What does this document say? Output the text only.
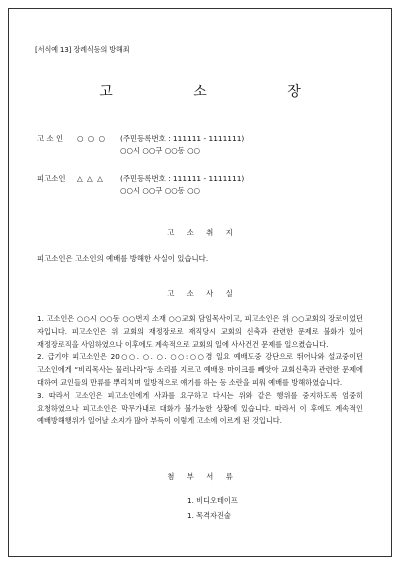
[서식예 13] 장례식등의 방해죄
고 소 장
고 소 인 ○ ○ ○ (주민등록번호 : 111111 - 1111111)
○○시 ○○구 ○○동 ○○
피고소인 △ △ △ (주민등록번호 : 111111 - 1111111)
○○시 ○○구 ○○동 ○○
고 소 취 지
피고소인은 고소인의 예배를 방해한 사실이 있습니다.
고 소 사 실

1. 고소인은 ○○시 ○○동 ○○번지 소재 ○○교회 담임목사이고, 피고소인은 위 ○○교회의 장로이었던 자입니다. 피고소인은 위 교회의 재정장로로 재직당시 교회의 신축과 관련한 문제로 불화가 있어 재정장로직을 사임하였으나 이후에도 계속적으로 교회의 일에 사사건건 문제를 일으켰습니다.

2. 급기야 피고소인은 20○○. ○. ○. ○○:○○경 일요 예배도중 강단으로 뛰어나와 설교중이던 고소인에게 “비리목사는 물러나라”등 소리를 지르고 예배용 마이크를 빼앗아 교회신축과 관련한 문제에 대하여 교인들의 만류를 뿌리치며 일방적으로 얘기를 하는 등 소란을 피워 예배를 방해하였습니다.

3. 따라서 고소인은 피고소인에게 사과를 요구하고 다시는 위와 같은 행위를 중지하도록 엄중히 요청하였으나 피고소인은 막무가내로 대화가 불가능한 상황에 있습니다. 따라서 이 후에도 계속적인 예배방해행위가 일어날 소지가 많아 부득이 이렇게 고소에 이르게 된 것입니다.

첨 부 서 류
1. 비디오테이프
1. 목격자진술
